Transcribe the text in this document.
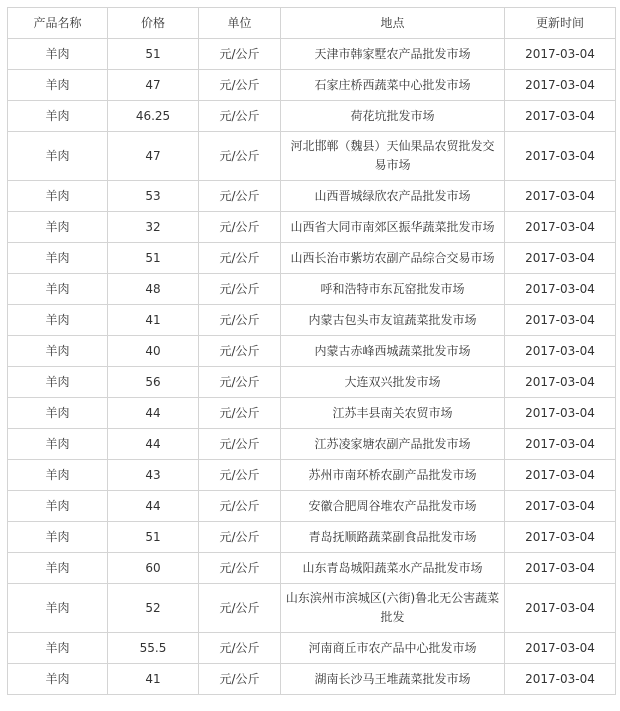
产品名称	价格	单位	地点	更新时间
羊肉	51	元/公斤	天津市韩家墅农产品批发市场	2017-03-04
羊肉	47	元/公斤	石家庄桥西蔬菜中心批发市场	2017-03-04
羊肉	46.25	元/公斤	荷花坑批发市场	2017-03-04
羊肉	47	元/公斤	河北邯郸（魏县）天仙果品农贸批发交易市场	2017-03-04
羊肉	53	元/公斤	山西晋城绿欣农产品批发市场	2017-03-04
羊肉	32	元/公斤	山西省大同市南郊区振华蔬菜批发市场	2017-03-04
羊肉	51	元/公斤	山西长治市紫坊农副产品综合交易市场	2017-03-04
羊肉	48	元/公斤	呼和浩特市东瓦窑批发市场	2017-03-04
羊肉	41	元/公斤	内蒙古包头市友谊蔬菜批发市场	2017-03-04
羊肉	40	元/公斤	内蒙古赤峰西城蔬菜批发市场	2017-03-04
羊肉	56	元/公斤	大连双兴批发市场	2017-03-04
羊肉	44	元/公斤	江苏丰县南关农贸市场	2017-03-04
羊肉	44	元/公斤	江苏凌家塘农副产品批发市场	2017-03-04
羊肉	43	元/公斤	苏州市南环桥农副产品批发市场	2017-03-04
羊肉	44	元/公斤	安徽合肥周谷堆农产品批发市场	2017-03-04
羊肉	51	元/公斤	青岛抚顺路蔬菜副食品批发市场	2017-03-04
羊肉	60	元/公斤	山东青岛城阳蔬菜水产品批发市场	2017-03-04
羊肉	52	元/公斤	山东滨州市滨城区(六街)鲁北无公害蔬菜批发	2017-03-04
羊肉	55.5	元/公斤	河南商丘市农产品中心批发市场	2017-03-04
羊肉	41	元/公斤	湖南长沙马王堆蔬菜批发市场	2017-03-04
